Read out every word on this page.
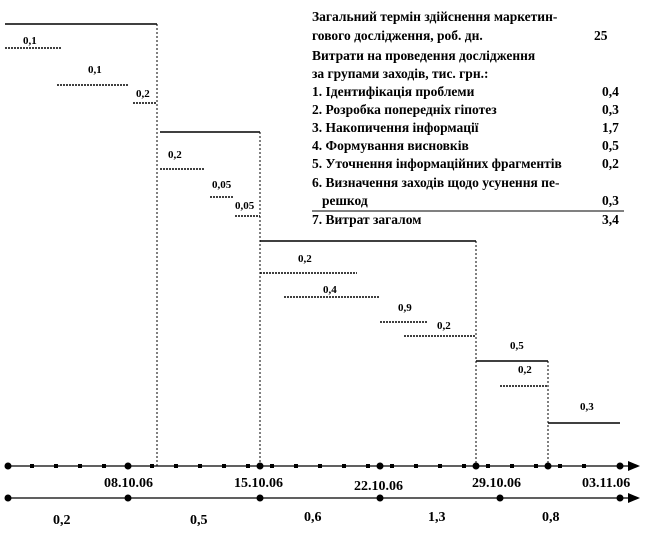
Загальний термін здійснення маркетин-
гового дослідження, роб. дн.	25
Витрати на проведення дослідження
за групами заходів, тис. грн.:
1. Ідентифікація проблеми	0,4
2. Розробка попередніх гіпотез	0,3
3. Накопичення інформації	1,7
4. Формування висновків	0,5
5. Уточнення інформаційних фрагментів	0,2
6. Визначення заходів щодо усунення пе-
решкод	0,3
7. Витрат загалом	3,4
0,1
0,1
0,2
0,2
0,05
0,05
0,2
0,4
0,9
0,2
0,5
0,2
0,3
08.10.06	15.10.06	22.10.06	29.10.06	03.11.06
0,2	0,5	0,6	1,3	0,8
